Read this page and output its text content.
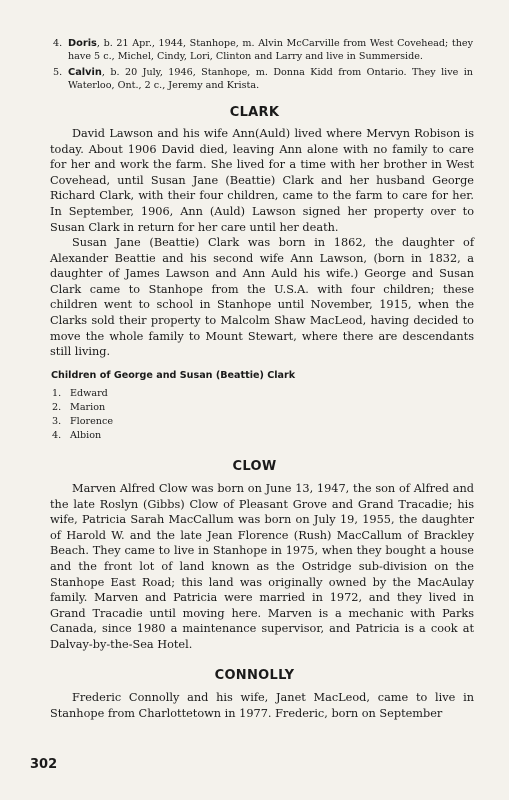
4. Doris, b. 21 Apr., 1944, Stanhope, m. Alvin McCarville from West Covehead; they have 5 c., Michel, Cindy, Lori, Clinton and Larry and live in Summerside.
5. Calvin, b. 20 July, 1946, Stanhope, m. Donna Kidd from Ontario. They live in Waterloo, Ont., 2 c., Jeremy and Krista.
CLARK

David Lawson and his wife Ann(Auld) lived where Mervyn Robison is today. About 1906 David died, leaving Ann alone with no family to care for her and work the farm. She lived for a time with her brother in West Covehead, until Susan Jane (Beattie) Clark and her husband George Richard Clark, with their four children, came to the farm to care for her. In September, 1906, Ann (Auld) Lawson signed her property over to Susan Clark in return for her care until her death.

Susan Jane (Beattie) Clark was born in 1862, the daughter of Alexander Beattie and his second wife Ann Lawson, (born in 1832, a daughter of James Lawson and Ann Auld his wife.) George and Susan Clark came to Stanhope from the U.S.A. with four children; these children went to school in Stanhope until November, 1915, when the Clarks sold their property to Malcolm Shaw MacLeod, having decided to move the whole family to Mount Stewart, where there are descendants still living.

Children of George and Susan (Beattie) Clark
1. Edward
2. Marion
3. Florence
4. Albion
CLOW

Marven Alfred Clow was born on June 13, 1947, the son of Alfred and the late Roslyn (Gibbs) Clow of Pleasant Grove and Grand Tracadie; his wife, Patricia Sarah MacCallum was born on July 19, 1955, the daughter of Harold W. and the late Jean Florence (Rush) MacCallum of Brackley Beach. They came to live in Stanhope in 1975, when they bought a house and the front lot of land known as the Ostridge sub-division on the Stanhope East Road; this land was originally owned by the MacAulay family. Marven and Patricia were married in 1972, and they lived in Grand Tracadie until moving here. Marven is a mechanic with Parks Canada, since 1980 a maintenance supervisor, and Patricia is a cook at Dalvay-by-the-Sea Hotel.

CONNOLLY

Frederic Connolly and his wife, Janet MacLeod, came to live in Stanhope from Charlottetown in 1977. Frederic, born on September

302
